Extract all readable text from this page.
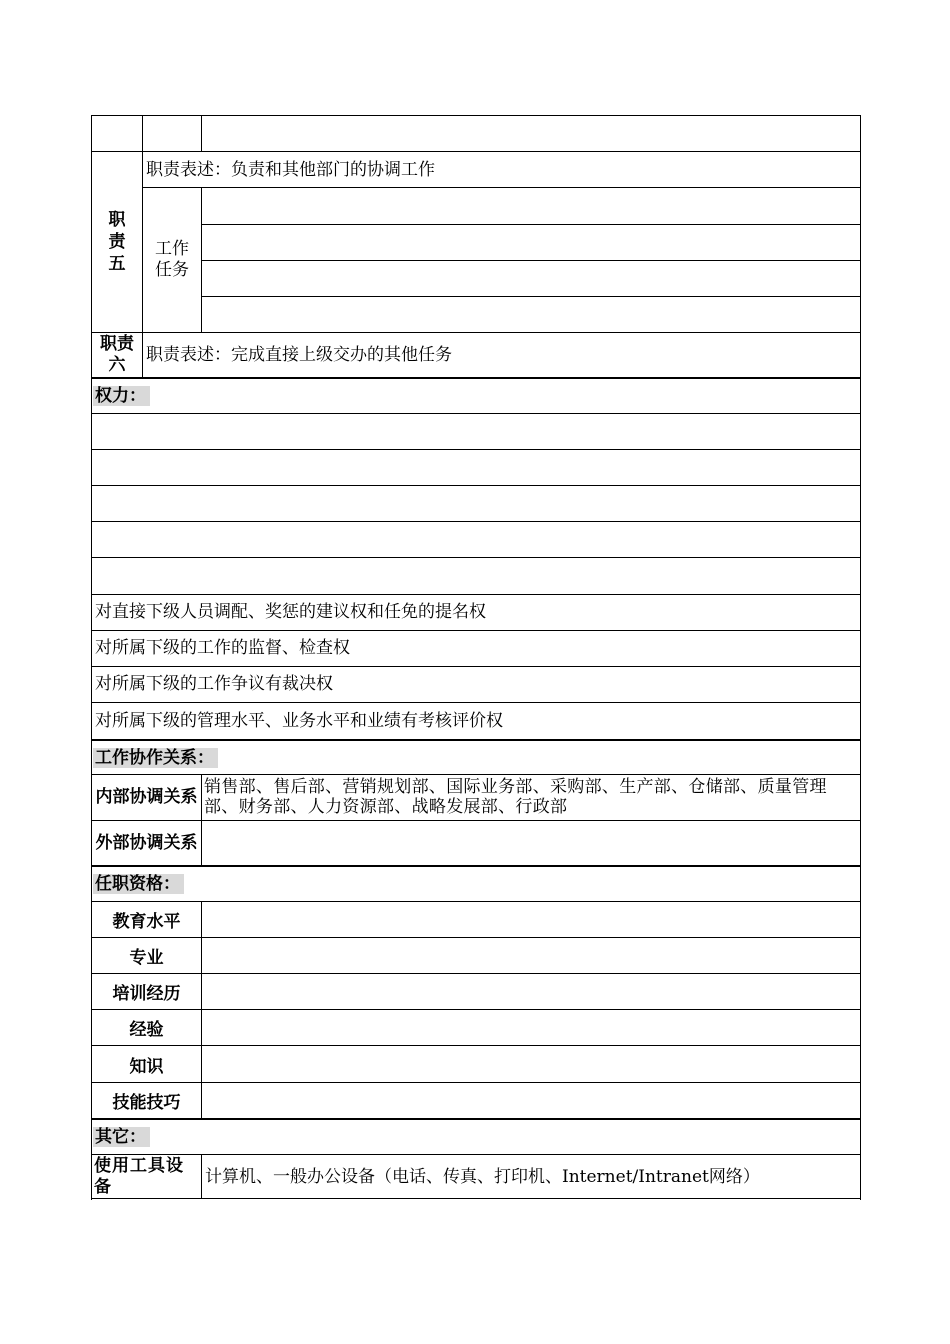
职责五
职责表述：负责和其他部门的协调工作
工作任务
职责六	职责表述：完成直接上级交办的其他任务
权力：
对直接下级人员调配、奖惩的建议权和任免的提名权
对所属下级的工作的监督、检查权
对所属下级的工作争议有裁决权
对所属下级的管理水平、业务水平和业绩有考核评价权
工作协作关系：
内部协调关系 销售部、售后部、营销规划部、国际业务部、采购部、生产部、仓储部、质量管理部、财务部、人力资源部、战略发展部、行政部
外部协调关系
任职资格：
教育水平
专业
培训经历
经验
知识
技能技巧
其它：
使用工具设备
计算机、一般办公设备（电话、传真、打印机、Internet/Intranet网络）
